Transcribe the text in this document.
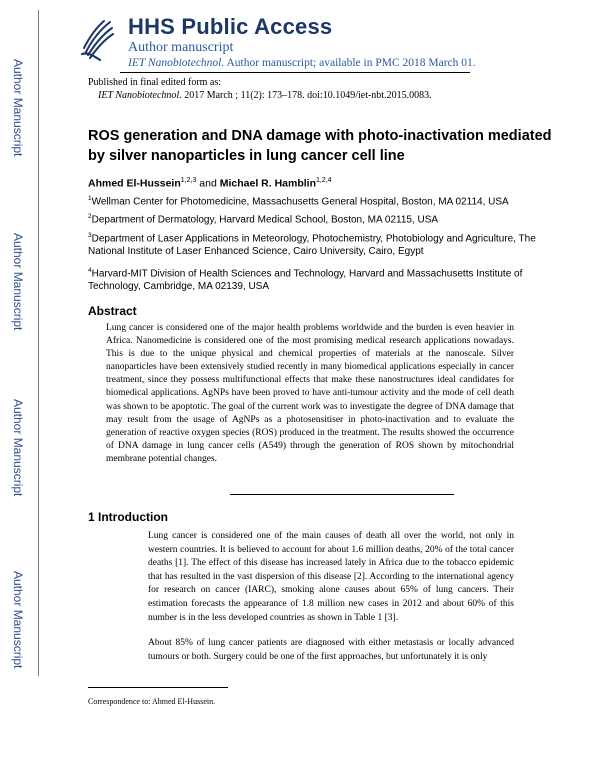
Author Manuscript
Author Manuscript
Author Manuscript
Author Manuscript
HHS Public Access
Author manuscript
IET Nanobiotechnol. Author manuscript; available in PMC 2018 March 01.
Published in final edited form as:
IET Nanobiotechnol. 2017 March ; 11(2): 173–178. doi:10.1049/iet-nbt.2015.0083.
ROS generation and DNA damage with photo-inactivation mediated by silver nanoparticles in lung cancer cell line
Ahmed El-Hussein$^{1,2,3}$ and Michael R. Hamblin$^{1,2,4}$
$^1$Wellman Center for Photomedicine, Massachusetts General Hospital, Boston, MA 02114, USA
$^2$Department of Dermatology, Harvard Medical School, Boston, MA 02115, USA
$^3$Department of Laser Applications in Meteorology, Photochemistry, Photobiology and Agriculture, The National Institute of Laser Enhanced Science, Cairo University, Cairo, Egypt
$^4$Harvard-MIT Division of Health Sciences and Technology, Harvard and Massachusetts Institute of Technology, Cambridge, MA 02139, USA
Abstract
Lung cancer is considered one of the major health problems worldwide and the burden is even heavier in Africa. Nanomedicine is considered one of the most promising medical research applications nowadays. This is due to the unique physical and chemical properties of materials at the nanoscale. Silver nanoparticles have been extensively studied recently in many biomedical applications especially in cancer treatment, since they possess multifunctional effects that make these nanostructures ideal candidates for biomedical applications. AgNPs have been proved to have anti-tumour activity and the mode of cell death was shown to be apoptotic. The goal of the current work was to investigate the degree of DNA damage that may result from the usage of AgNPs as a photosensitiser in photo-inactivation and to evaluate the generation of reactive oxygen species (ROS) produced in the treatment. The results showed the occurrence of DNA damage in lung cancer cells (A549) through the generation of ROS shown by mitochondrial membrane potential changes.
1 Introduction
Lung cancer is considered one of the main causes of death all over the world, not only in western countries. It is believed to account for about 1.6 million deaths, 20% of the total cancer deaths [1]. The effect of this disease has increased lately in Africa due to the tobacco epidemic that has resulted in the vast dispersion of this disease [2]. According to the international agency for research on cancer (IARC), smoking alone causes about 65% of lung cancers. Their estimation forecasts the appearance of 1.8 million new cases in 2012 and about 60% of this number is in the less developed countries as shown in Table 1 [3].
About 85% of lung cancer patients are diagnosed with either metastasis or locally advanced tumours or both. Surgery could be one of the first approaches, but unfortunately it is only
Correspondence to: Ahmed El-Hussein.
